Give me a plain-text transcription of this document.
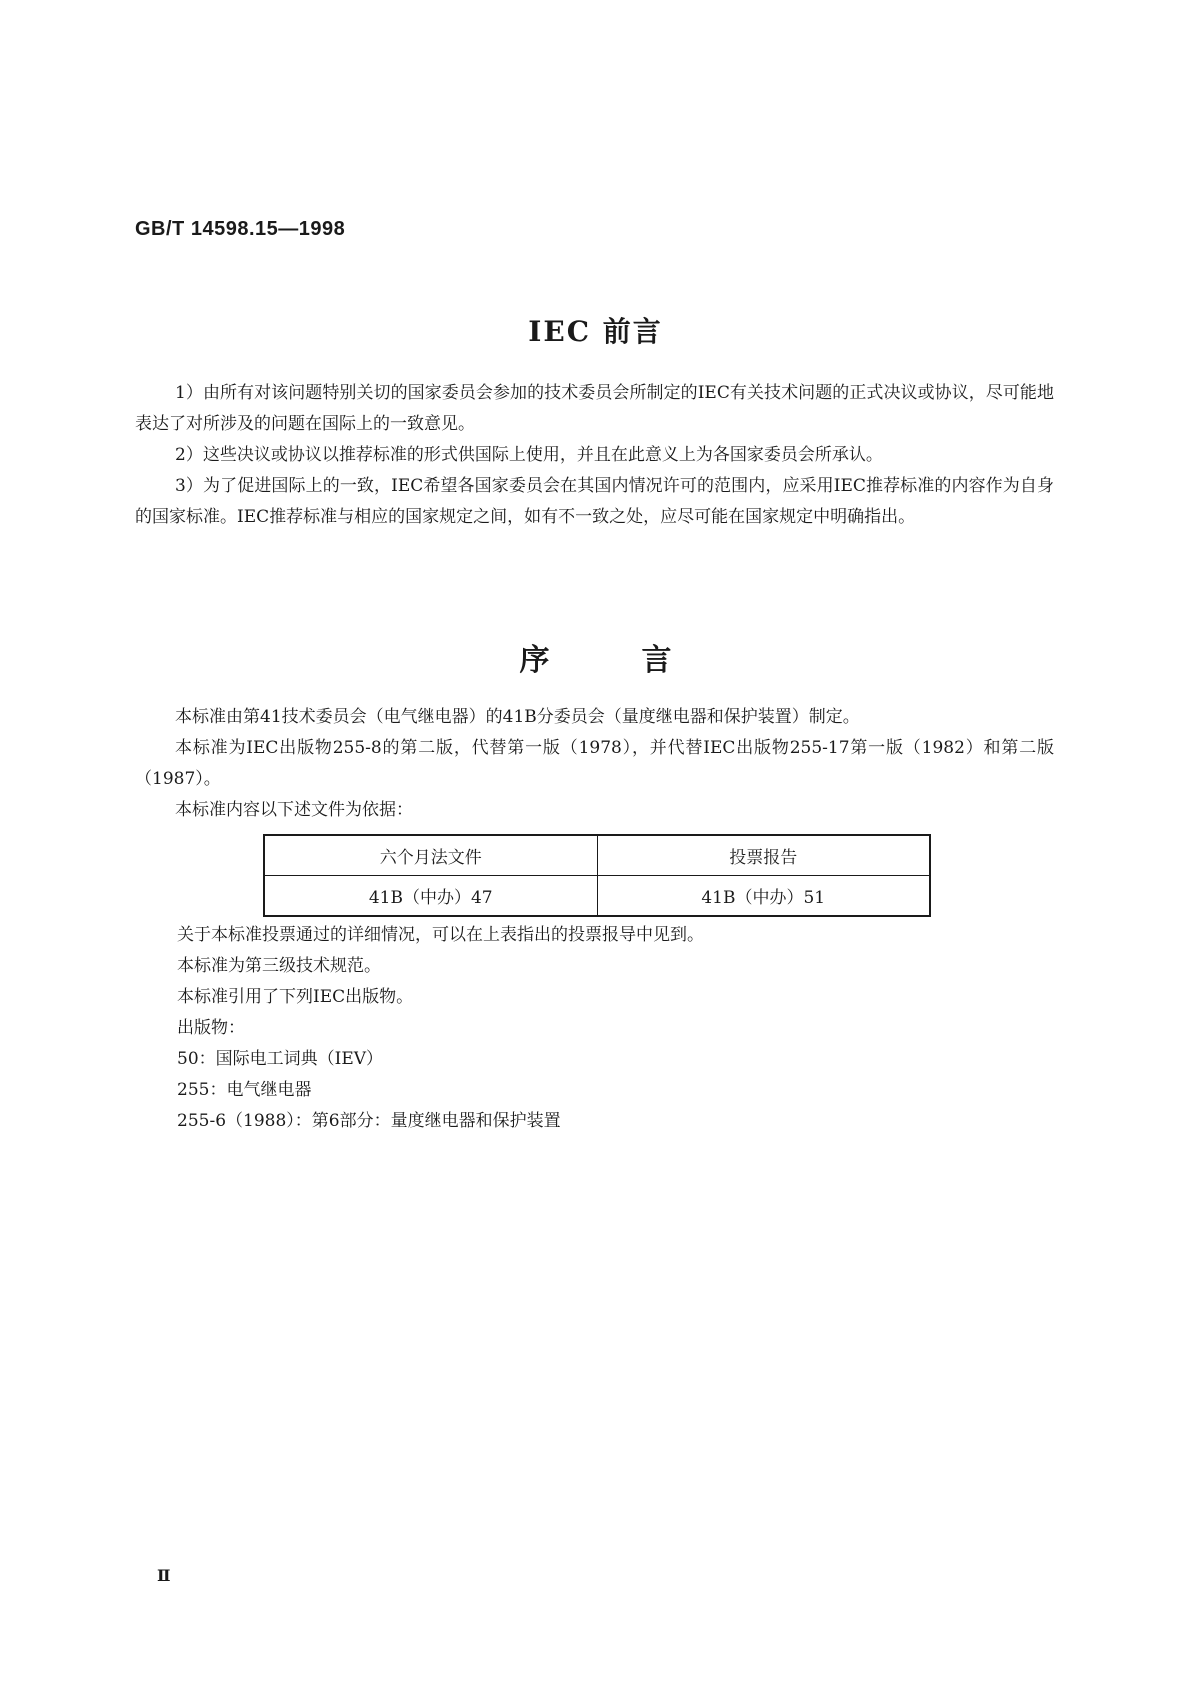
GB/T 14598.15—1998
IEC 前言

1）由所有对该问题特别关切的国家委员会参加的技术委员会所制定的IEC有关技术问题的正式决议或协议，尽可能地表达了对所涉及的问题在国际上的一致意见。

2）这些决议或协议以推荐标准的形式供国际上使用，并且在此意义上为各国家委员会所承认。

3）为了促进国际上的一致，IEC希望各国家委员会在其国内情况许可的范围内，应采用IEC推荐标准的内容作为自身的国家标准。IEC推荐标准与相应的国家规定之间，如有不一致之处，应尽可能在国家规定中明确指出。

序言

本标准由第41技术委员会（电气继电器）的41B分委员会（量度继电器和保护装置）制定。

本标准为IEC出版物255-8的第二版，代替第一版（1978），并代替IEC出版物255-17第一版（1982）和第二版（1987）。

本标准内容以下述文件为依据：

六个月法文件	投票报告
41B（中办）47	41B（中办）51

关于本标准投票通过的详细情况，可以在上表指出的投票报导中见到。

本标准为第三级技术规范。

本标准引用了下列IEC出版物。

出版物：

50：国际电工词典（IEV）

255：电气继电器

255-6（1988）：第6部分：量度继电器和保护装置

Ⅱ
